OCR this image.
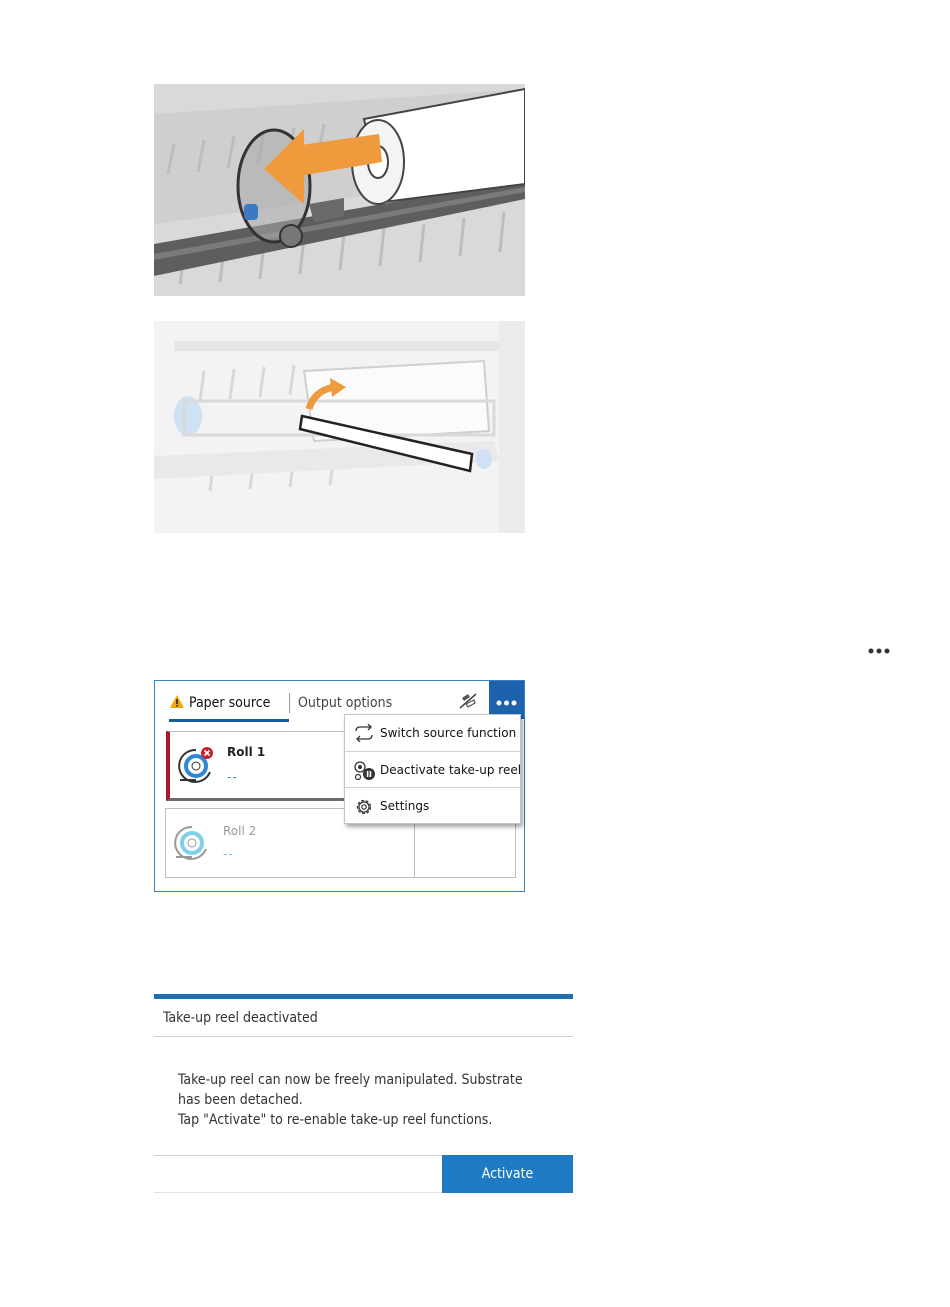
Paper source	Output options
Roll 1
--
Roll 2
--
Switch source function
Deactivate take-up reel
Settings
Take-up reel deactivated
Take-up reel can now be freely manipulated. Substrate
has been detached.
Tap "Activate" to re-enable take-up reel functions.
Activate
